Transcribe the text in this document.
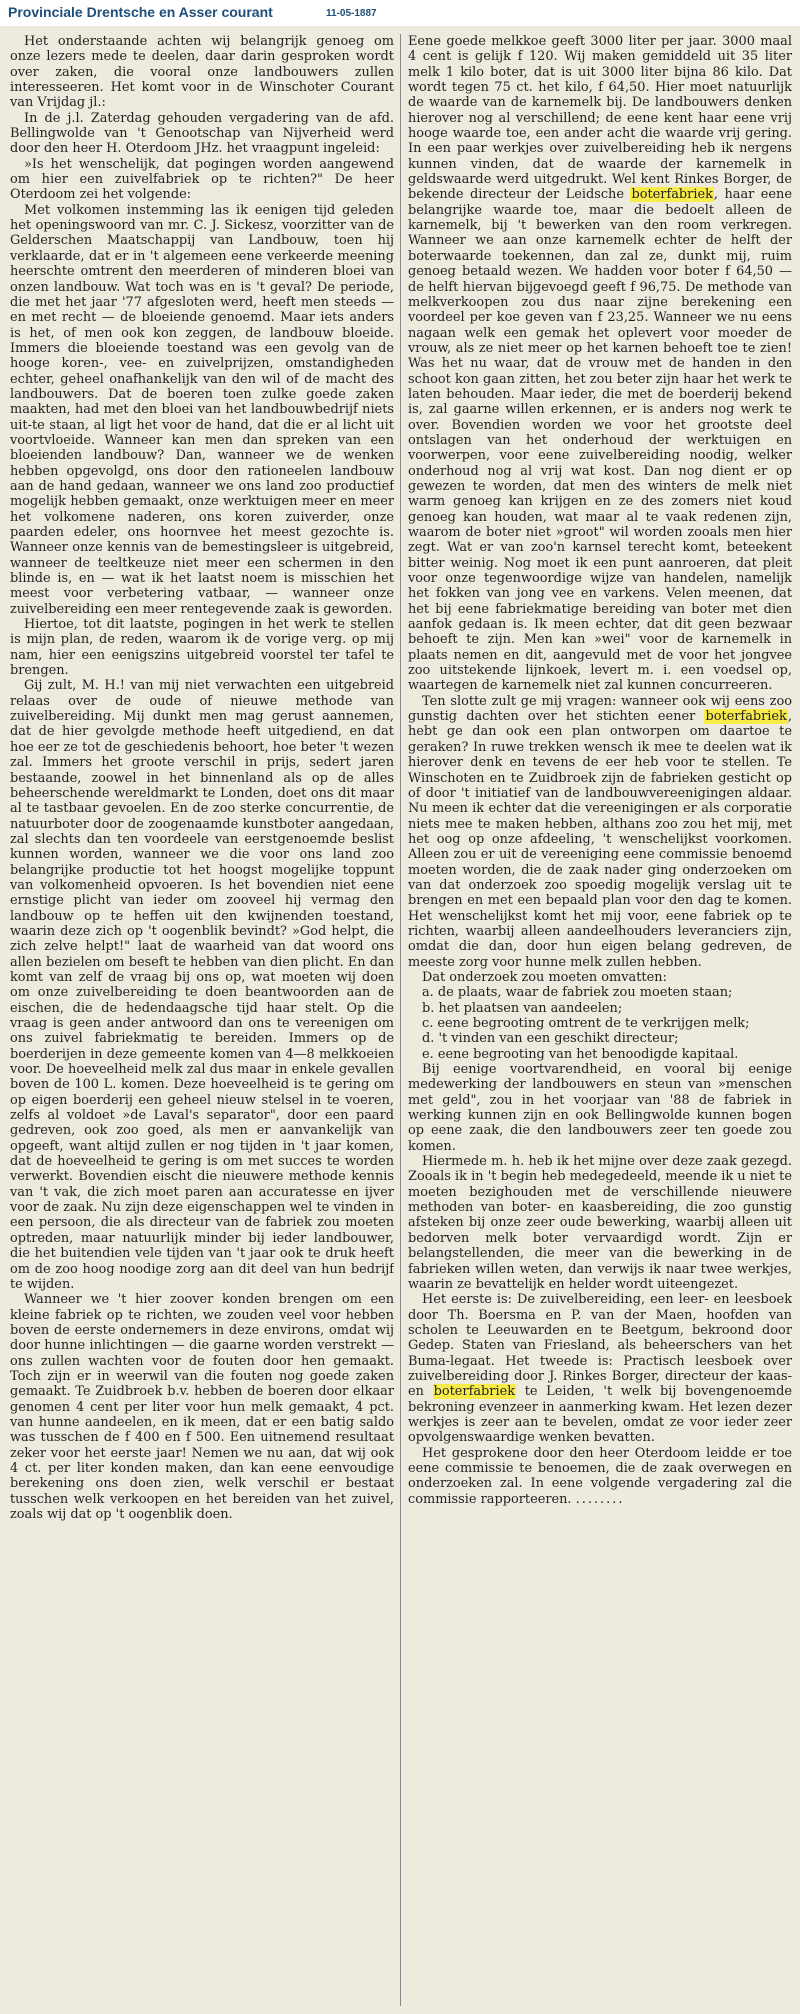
Provinciale Drentsche en Asser courant	11-05-1887

Het onderstaande achten wij belangrijk genoeg om onze lezers mede te deelen, daar darin gesproken wordt over zaken, die vooral onze landbouwers zullen interesseeren. Het komt voor in de Winschoter Courant van Vrijdag jl.:

In de j.l. Zaterdag gehouden vergadering van de afd. Bellingwolde van 't Genootschap van Nijverheid werd door den heer H. Oterdoom JHz. het vraagpunt ingeleid:

»Is het wenschelijk, dat pogingen worden aangewend om hier een zuivelfabriek op te richten?" De heer Oterdoom zei het volgende:

Met volkomen instemming las ik eenigen tijd geleden het openingswoord van mr. C. J. Sickesz, voorzitter van de Gelderschen Maatschappij van Landbouw, toen hij verklaarde, dat er in 't algemeen eene verkeerde meening heerschte omtrent den meerderen of minderen bloei van onzen landbouw. Wat toch was en is 't geval? De periode, die met het jaar '77 afgesloten werd, heeft men steeds — en met recht — de bloeiende genoemd. Maar iets anders is het, of men ook kon zeggen, de landbouw bloeide. Immers die bloeiende toestand was een gevolg van de hooge koren-, vee- en zuivelprijzen, omstandigheden echter, geheel onafhankelijk van den wil of de macht des landbouwers. Dat de boeren toen zulke goede zaken maakten, had met den bloei van het landbouwbedrijf niets uit-te staan, al ligt het voor de hand, dat die er al licht uit voortvloeide. Wanneer kan men dan spreken van een bloeienden landbouw? Dan, wanneer we de wenken hebben opgevolgd, ons door den rationeelen landbouw aan de hand gedaan, wanneer we ons land zoo productief mogelijk hebben gemaakt, onze werktuigen meer en meer het volkomene naderen, ons koren zuiverder, onze paarden edeler, ons hoornvee het meest gezochte is. Wanneer onze kennis van de bemestingsleer is uitgebreid, wanneer de teeltkeuze niet meer een schermen in den blinde is, en — wat ik het laatst noem is misschien het meest voor verbetering vatbaar, — wanneer onze zuivelbereiding een meer rentegevende zaak is geworden.

Hiertoe, tot dit laatste, pogingen in het werk te stellen is mijn plan, de reden, waarom ik de vorige verg. op mij nam, hier een eenigszins uitgebreid voorstel ter tafel te brengen.

Gij zult, M. H.! van mij niet verwachten een uitgebreid relaas over de oude of nieuwe methode van zuivelbereiding. Mij dunkt men mag gerust aannemen, dat de hier gevolgde methode heeft uitgediend, en dat hoe eer ze tot de geschiedenis behoort, hoe beter 't wezen zal. Immers het groote verschil in prijs, sedert jaren bestaande, zoowel in het binnenland als op de alles beheerschende wereldmarkt te Londen, doet ons dit maar al te tastbaar gevoelen. En de zoo sterke concurrentie, de natuurboter door de zoogenaamde kunstboter aangedaan, zal slechts dan ten voordeele van eerstgenoemde beslist kunnen worden, wanneer we die voor ons land zoo belangrijke productie tot het hoogst mogelijke toppunt van volkomenheid opvoeren. Is het bovendien niet eene ernstige plicht van ieder om zooveel hij vermag den landbouw op te heffen uit den kwijnenden toestand, waarin deze zich op 't oogenblik bevindt? »God helpt, die zich zelve helpt!" laat de waarheid van dat woord ons allen bezielen om beseft te hebben van dien plicht. En dan komt van zelf de vraag bij ons op, wat moeten wij doen om onze zuivelbereiding te doen beantwoorden aan de eischen, die de hedendaagsche tijd haar stelt. Op die vraag is geen ander antwoord dan ons te vereenigen om ons zuivel fabriekmatig te bereiden. Immers op de boerderijen in deze gemeente komen van 4—8 melkkoeien voor. De hoeveelheid melk zal dus maar in enkele gevallen boven de 100 L. komen. Deze hoeveelheid is te gering om op eigen boerderij een geheel nieuw stelsel in te voeren, zelfs al voldoet »de Laval's separator", door een paard gedreven, ook zoo goed, als men er aanvankelijk van opgeeft, want altijd zullen er nog tijden in 't jaar komen, dat de hoeveelheid te gering is om met succes te worden verwerkt. Bovendien eischt die nieuwere methode kennis van 't vak, die zich moet paren aan accuratesse en ijver voor de zaak. Nu zijn deze eigenschappen wel te vinden in een persoon, die als directeur van de fabriek zou moeten optreden, maar natuurlijk minder bij ieder landbouwer, die het buitendien vele tijden van 't jaar ook te druk heeft om de zoo hoog noodige zorg aan dit deel van hun bedrijf te wijden.

Wanneer we 't hier zoover konden brengen om een kleine fabriek op te richten, we zouden veel voor hebben boven de eerste ondernemers in deze environs, omdat wij door hunne inlichtingen — die gaarne worden verstrekt — ons zullen wachten voor de fouten door hen gemaakt. Toch zijn er in weerwil van die fouten nog goede zaken gemaakt. Te Zuidbroek b.v. hebben de boeren door elkaar genomen 4 cent per liter voor hun melk gemaakt, 4 pct. van hunne aandeelen, en ik meen, dat er een batig saldo was tusschen de f 400 en f 500. Een uitnemend resultaat zeker voor het eerste jaar! Nemen we nu aan, dat wij ook 4 ct. per liter konden maken, dan kan eene eenvoudige berekening ons doen zien, welk verschil er bestaat tusschen welk verkoopen en het bereiden van het zuivel, zoals wij dat op 't oogenblik doen.

Eene goede melkkoe geeft 3000 liter per jaar. 3000 maal 4 cent is gelijk f 120. Wij maken gemiddeld uit 35 liter melk 1 kilo boter, dat is uit 3000 liter bijna 86 kilo. Dat wordt tegen 75 ct. het kilo, f 64,50. Hier moet natuurlijk de waarde van de karnemelk bij. De landbouwers denken hierover nog al verschillend; de eene kent haar eene vrij hooge waarde toe, een ander acht die waarde vrij gering. In een paar werkjes over zuivelbereiding heb ik nergens kunnen vinden, dat de waarde der karnemelk in geldswaarde werd uitgedrukt. Wel kent Rinkes Borger, de bekende directeur der Leidsche boterfabriek, haar eene belangrijke waarde toe, maar die bedoelt alleen de karnemelk, bij 't bewerken van den room verkregen. Wanneer we aan onze karnemelk echter de helft der boterwaarde toekennen, dan zal ze, dunkt mij, ruim genoeg betaald wezen. We hadden voor boter f 64,50 — de helft hiervan bijgevoegd geeft f 96,75. De methode van melkverkoopen zou dus naar zijne berekening een voordeel per koe geven van f 23,25. Wanneer we nu eens nagaan welk een gemak het oplevert voor moeder de vrouw, als ze niet meer op het karnen behoeft toe te zien! Was het nu waar, dat de vrouw met de handen in den schoot kon gaan zitten, het zou beter zijn haar het werk te laten behouden. Maar ieder, die met de boerderij bekend is, zal gaarne willen erkennen, er is anders nog werk te over. Bovendien worden we voor het grootste deel ontslagen van het onderhoud der werktuigen en voorwerpen, voor eene zuivelbereiding noodig, welker onderhoud nog al vrij wat kost. Dan nog dient er op gewezen te worden, dat men des winters de melk niet warm genoeg kan krijgen en ze des zomers niet koud genoeg kan houden, wat maar al te vaak redenen zijn, waarom de boter niet »groot" wil worden zooals men hier zegt. Wat er van zoo'n karnsel terecht komt, beteekent bitter weinig. Nog moet ik een punt aanroeren, dat pleit voor onze tegenwoordige wijze van handelen, namelijk het fokken van jong vee en varkens. Velen meenen, dat het bij eene fabriekmatige bereiding van boter met dien aanfok gedaan is. Ik meen echter, dat dit geen bezwaar behoeft te zijn. Men kan »wei" voor de karnemelk in plaats nemen en dit, aangevuld met de voor het jongvee zoo uitstekende lijnkoek, levert m. i. een voedsel op, waartegen de karnemelk niet zal kunnen concurreeren.

Ten slotte zult ge mij vragen: wanneer ook wij eens zoo gunstig dachten over het stichten eener boterfabriek, hebt ge dan ook een plan ontworpen om daartoe te geraken? In ruwe trekken wensch ik mee te deelen wat ik hierover denk en tevens de eer heb voor te stellen. Te Winschoten en te Zuidbroek zijn de fabrieken gesticht op of door 't initiatief van de landbouwvereenigingen aldaar. Nu meen ik echter dat die vereenigingen er als corporatie niets mee te maken hebben, althans zoo zou het mij, met het oog op onze afdeeling, 't wenschelijkst voorkomen. Alleen zou er uit de vereeniging eene commissie benoemd moeten worden, die de zaak nader ging onderzoeken om van dat onderzoek zoo spoedig mogelijk verslag uit te brengen en met een bepaald plan voor den dag te komen. Het wenschelijkst komt het mij voor, eene fabriek op te richten, waarbij alleen aandeelhouders leveranciers zijn, omdat die dan, door hun eigen belang gedreven, de meeste zorg voor hunne melk zullen hebben.

Dat onderzoek zou moeten omvatten:

a. de plaats, waar de fabriek zou moeten staan;

b. het plaatsen van aandeelen;

c. eene begrooting omtrent de te verkrijgen melk;

d. 't vinden van een geschikt directeur;

e. eene begrooting van het benoodigde kapitaal.

Bij eenige voortvarendheid, en vooral bij eenige medewerking der landbouwers en steun van »menschen met geld", zou in het voorjaar van '88 de fabriek in werking kunnen zijn en ook Bellingwolde kunnen bogen op eene zaak, die den landbouwers zeer ten goede zou komen.

Hiermede m. h. heb ik het mijne over deze zaak gezegd. Zooals ik in 't begin heb medegedeeld, meende ik u niet te moeten bezighouden met de verschillende nieuwere methoden van boter- en kaasbereiding, die zoo gunstig afsteken bij onze zeer oude bewerking, waarbij alleen uit bedorven melk boter vervaardigd wordt. Zijn er belangstellenden, die meer van die bewerking in de fabrieken willen weten, dan verwijs ik naar twee werkjes, waarin ze bevattelijk en helder wordt uiteengezet.

Het eerste is: De zuivelbereiding, een leer- en leesboek door Th. Boersma en P. van der Maen, hoofden van scholen te Leeuwarden en te Beetgum, bekroond door Gedep. Staten van Friesland, als beheerschers van het Buma-legaat. Het tweede is: Practisch leesboek over zuivelbereiding door J. Rinkes Borger, directeur der kaas- en boterfabriek te Leiden, 't welk bij bovengenoemde bekroning evenzeer in aanmerking kwam. Het lezen dezer werkjes is zeer aan te bevelen, omdat ze voor ieder zeer opvolgenswaardige wenken bevatten.

Het gesprokene door den heer Oterdoom leidde er toe eene commissie te benoemen, die de zaak overwegen en onderzoeken zal. In eene volgende vergadering zal die commissie rapporteeren. ........
